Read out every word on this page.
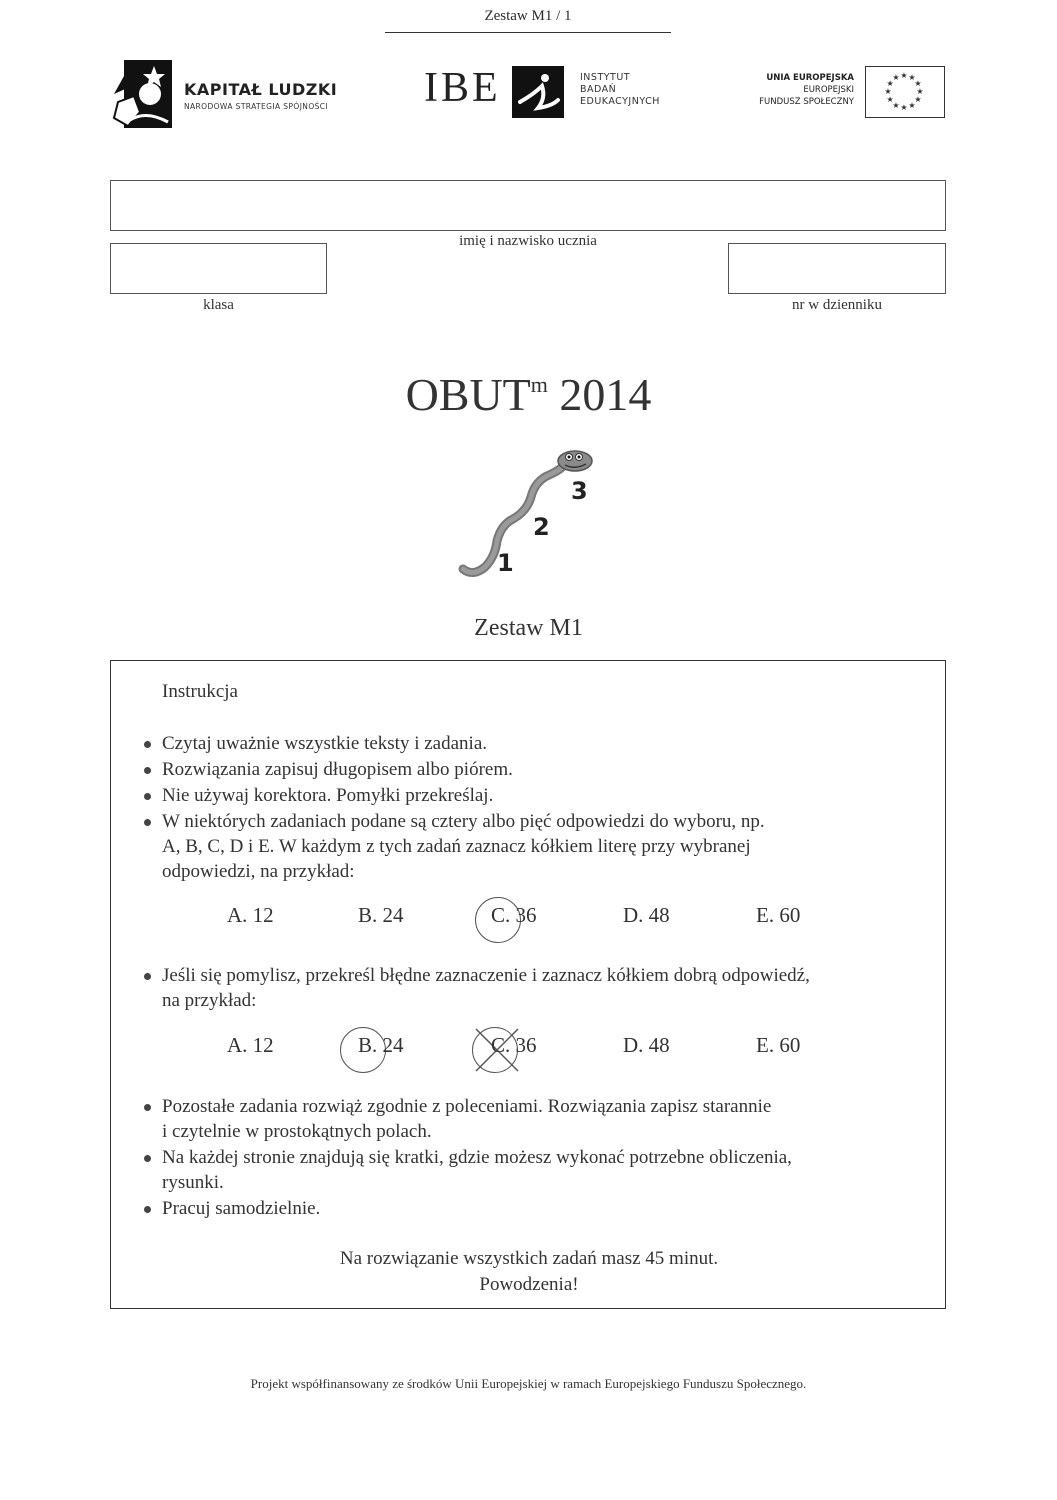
Zestaw M1 / 1
KAPITAŁ LUDZKI
NARODOWA STRATEGIA SPÓJNOŚCI IBE	INSTYTUT
BADAŃ
EDUKACYJNYCH
UNIA EUROPEJSKA
EUROPEJSKI
FUNDUSZ SPOŁECZNY
★
★
★
★
★
★
★
★
★ ★ ★
★
imię i nazwisko ucznia
klasa	nr w dzienniku
OBUT$^m$ 2014
1
2
3
Zestaw M1
Instrukcja
Czytaj uważnie wszystkie teksty i zadania.
Rozwiązania zapisuj długopisem albo piórem.
Nie używaj korektora. Pomyłki przekreślaj.
W niektórych zadaniach podane są cztery albo pięć odpowiedzi do wyboru, np.
A, B, C, D i E. W każdym z tych zadań zaznacz kółkiem literę przy wybranej
odpowiedzi, na przykład:
A. 12	B. 24	C. 36	D. 48	E. 60
Jeśli się pomylisz, przekreśl błędne zaznaczenie i zaznacz kółkiem dobrą odpowiedź,
na przykład:
A. 12	B. 24	C. 36	D. 48	E. 60
Pozostałe zadania rozwiąż zgodnie z poleceniami. Rozwiązania zapisz starannie
i czytelnie w prostokątnych polach.
Na każdej stronie znajdują się kratki, gdzie możesz wykonać potrzebne obliczenia,
rysunki.
Pracuj samodzielnie.
Na rozwiązanie wszystkich zadań masz 45 minut.
Powodzenia!
Projekt współfinansowany ze środków Unii Europejskiej w ramach Europejskiego Funduszu Społecznego.
